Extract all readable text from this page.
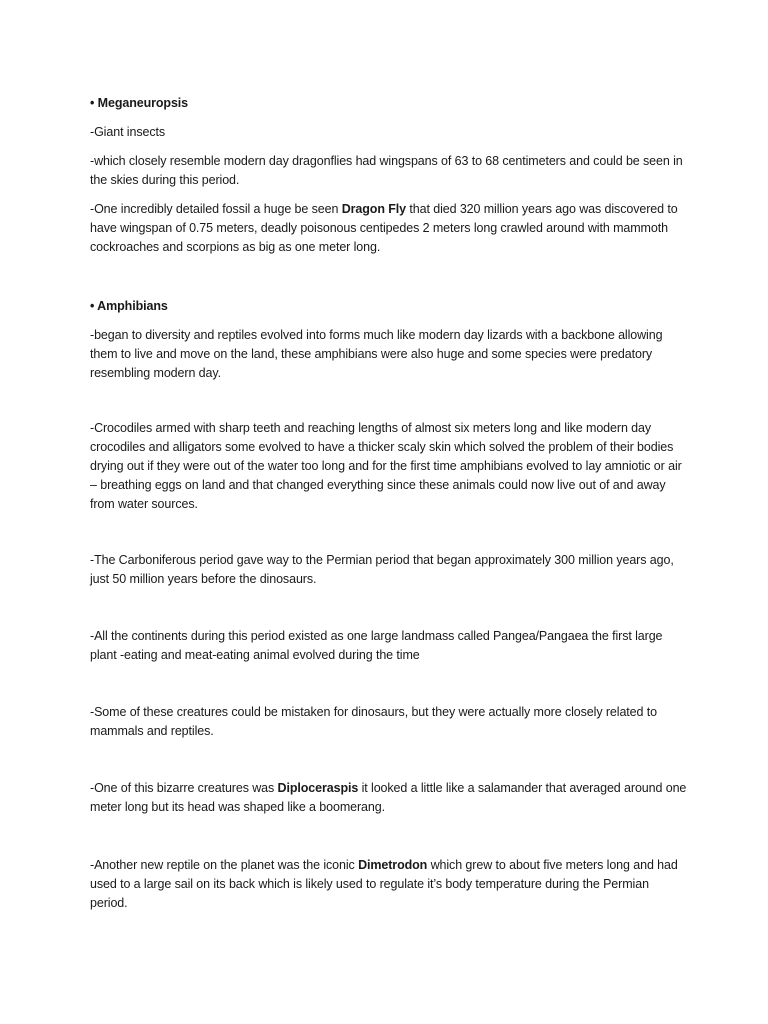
• Meganeuropsis

-Giant insects

-which closely resemble modern day dragonflies had wingspans of 63 to 68 centimeters and could be seen in the skies during this period.

-One incredibly detailed fossil a huge be seen Dragon Fly that died 320 million years ago was discovered to have wingspan of 0.75 meters, deadly poisonous centipedes 2 meters long crawled around with mammoth cockroaches and scorpions as big as one meter long.

• Amphibians

-began to diversity and reptiles evolved into forms much like modern day lizards with a backbone allowing them to live and move on the land, these amphibians were also huge and some species were predatory resembling modern day.

-Crocodiles armed with sharp teeth and reaching lengths of almost six meters long and like modern day crocodiles and alligators some evolved to have a thicker scaly skin which solved the problem of their bodies drying out if they were out of the water too long and for the first time amphibians evolved to lay amniotic or air – breathing eggs on land and that changed everything since these animals could now live out of and away from water sources.

-The Carboniferous period gave way to the Permian period that began approximately 300 million years ago, just 50 million years before the dinosaurs.

-All the continents during this period existed as one large landmass called Pangea/Pangaea the first large plant -eating and meat-eating animal evolved during the time

-Some of these creatures could be mistaken for dinosaurs, but they were actually more closely related to mammals and reptiles.

-One of this bizarre creatures was Diploceraspis it looked a little like a salamander that averaged around one meter long but its head was shaped like a boomerang.

-Another new reptile on the planet was the iconic Dimetrodon which grew to about five meters long and had used to a large sail on its back which is likely used to regulate it’s body temperature during the Permian period.
